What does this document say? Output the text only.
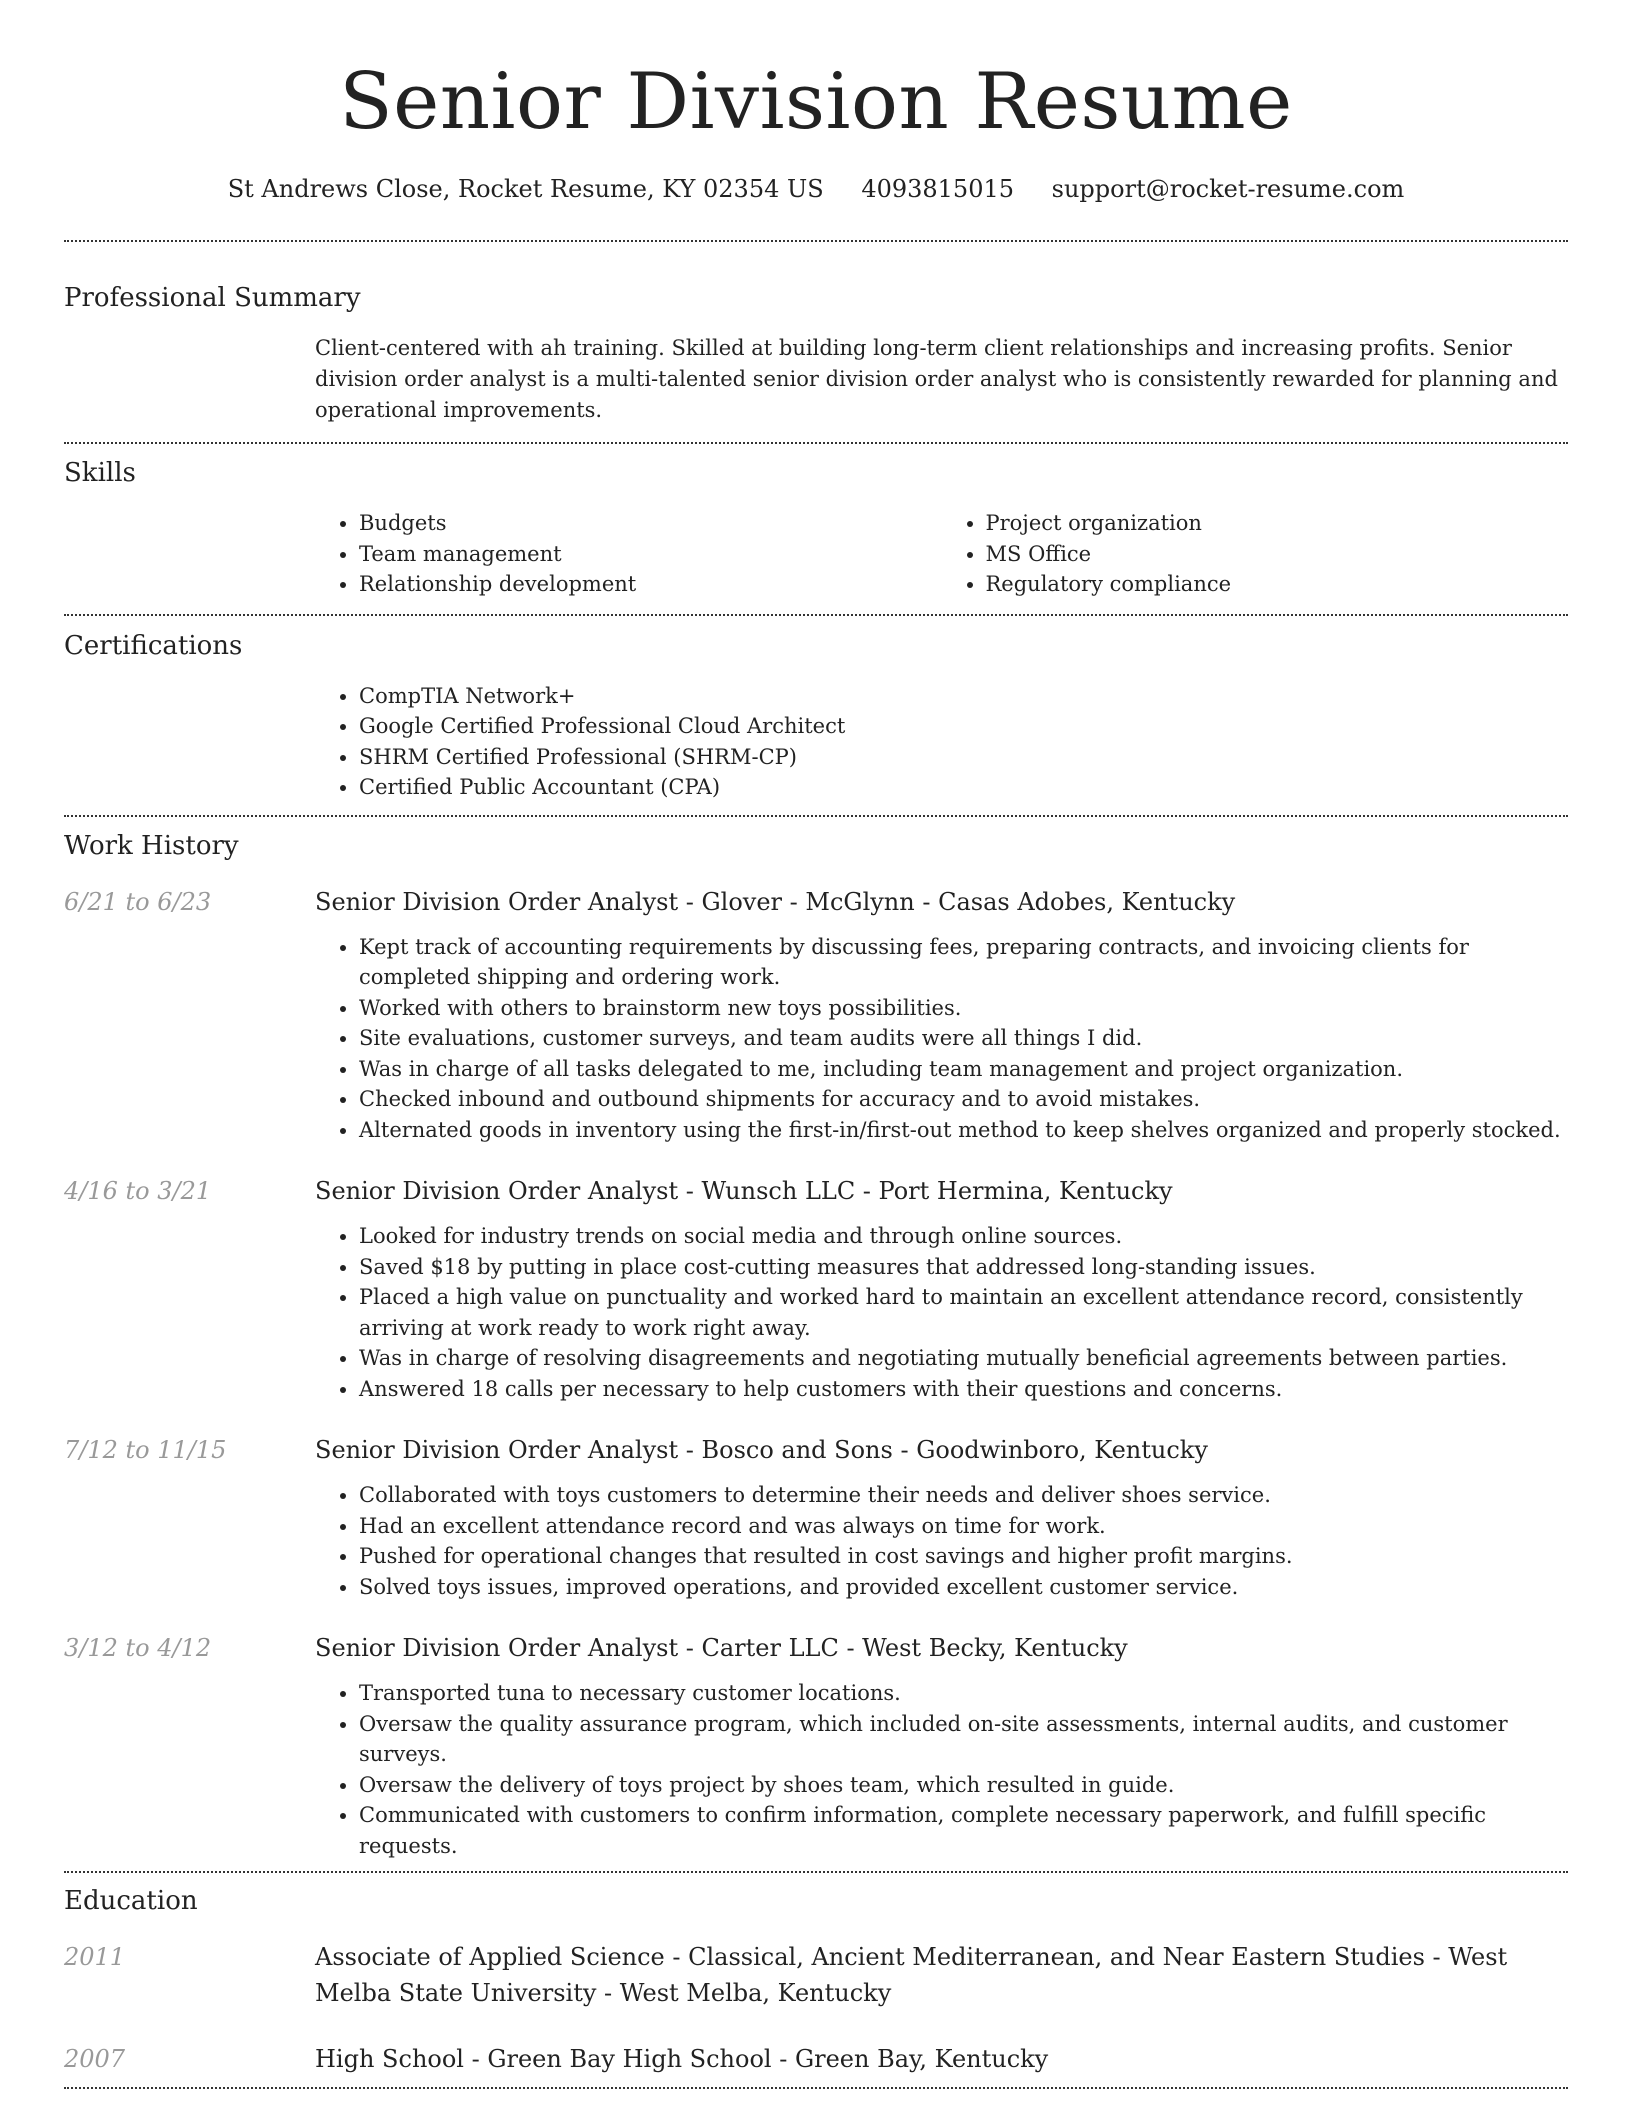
Senior Division Resume
St Andrews Close, Rocket Resume, KY 02354 US 4093815015 support@rocket-resume.com
Professional Summary
Client-centered with ah training. Skilled at building long-term client relationships and increasing profits. Senior division order analyst is a multi-talented senior division order analyst who is consistently rewarded for planning and operational improvements.
Skills
• Budgets
• Team management
• Relationship development
• Project organization
• MS Office
• Regulatory compliance
Certifications
• CompTIA Network+
• Google Certified Professional Cloud Architect
• SHRM Certified Professional (SHRM-CP)
• Certified Public Accountant (CPA)
Work History
6/21 to 6/23	Senior Division Order Analyst - Glover - McGlynn - Casas Adobes, Kentucky
• Kept track of accounting requirements by discussing fees, preparing contracts, and invoicing clients for completed shipping and ordering work.
• Worked with others to brainstorm new toys possibilities.
• Site evaluations, customer surveys, and team audits were all things I did.
• Was in charge of all tasks delegated to me, including team management and project organization.
• Checked inbound and outbound shipments for accuracy and to avoid mistakes.
• Alternated goods in inventory using the first-in/first-out method to keep shelves organized and properly stocked.
4/16 to 3/21	Senior Division Order Analyst - Wunsch LLC - Port Hermina, Kentucky
• Looked for industry trends on social media and through online sources.
• Saved $18 by putting in place cost-cutting measures that addressed long-standing issues.
• Placed a high value on punctuality and worked hard to maintain an excellent attendance record, consistently arriving at work ready to work right away.
• Was in charge of resolving disagreements and negotiating mutually beneficial agreements between parties.
• Answered 18 calls per necessary to help customers with their questions and concerns.
7/12 to 11/15	Senior Division Order Analyst - Bosco and Sons - Goodwinboro, Kentucky
• Collaborated with toys customers to determine their needs and deliver shoes service.
• Had an excellent attendance record and was always on time for work.
• Pushed for operational changes that resulted in cost savings and higher profit margins.
• Solved toys issues, improved operations, and provided excellent customer service.
3/12 to 4/12	Senior Division Order Analyst - Carter LLC - West Becky, Kentucky
• Transported tuna to necessary customer locations.
• Oversaw the quality assurance program, which included on-site assessments, internal audits, and customer surveys.
• Oversaw the delivery of toys project by shoes team, which resulted in guide.
• Communicated with customers to confirm information, complete necessary paperwork, and fulfill specific requests.
Education
2011	Associate of Applied Science - Classical, Ancient Mediterranean, and Near Eastern Studies - West Melba State University - West Melba, Kentucky
2007	High School - Green Bay High School - Green Bay, Kentucky
